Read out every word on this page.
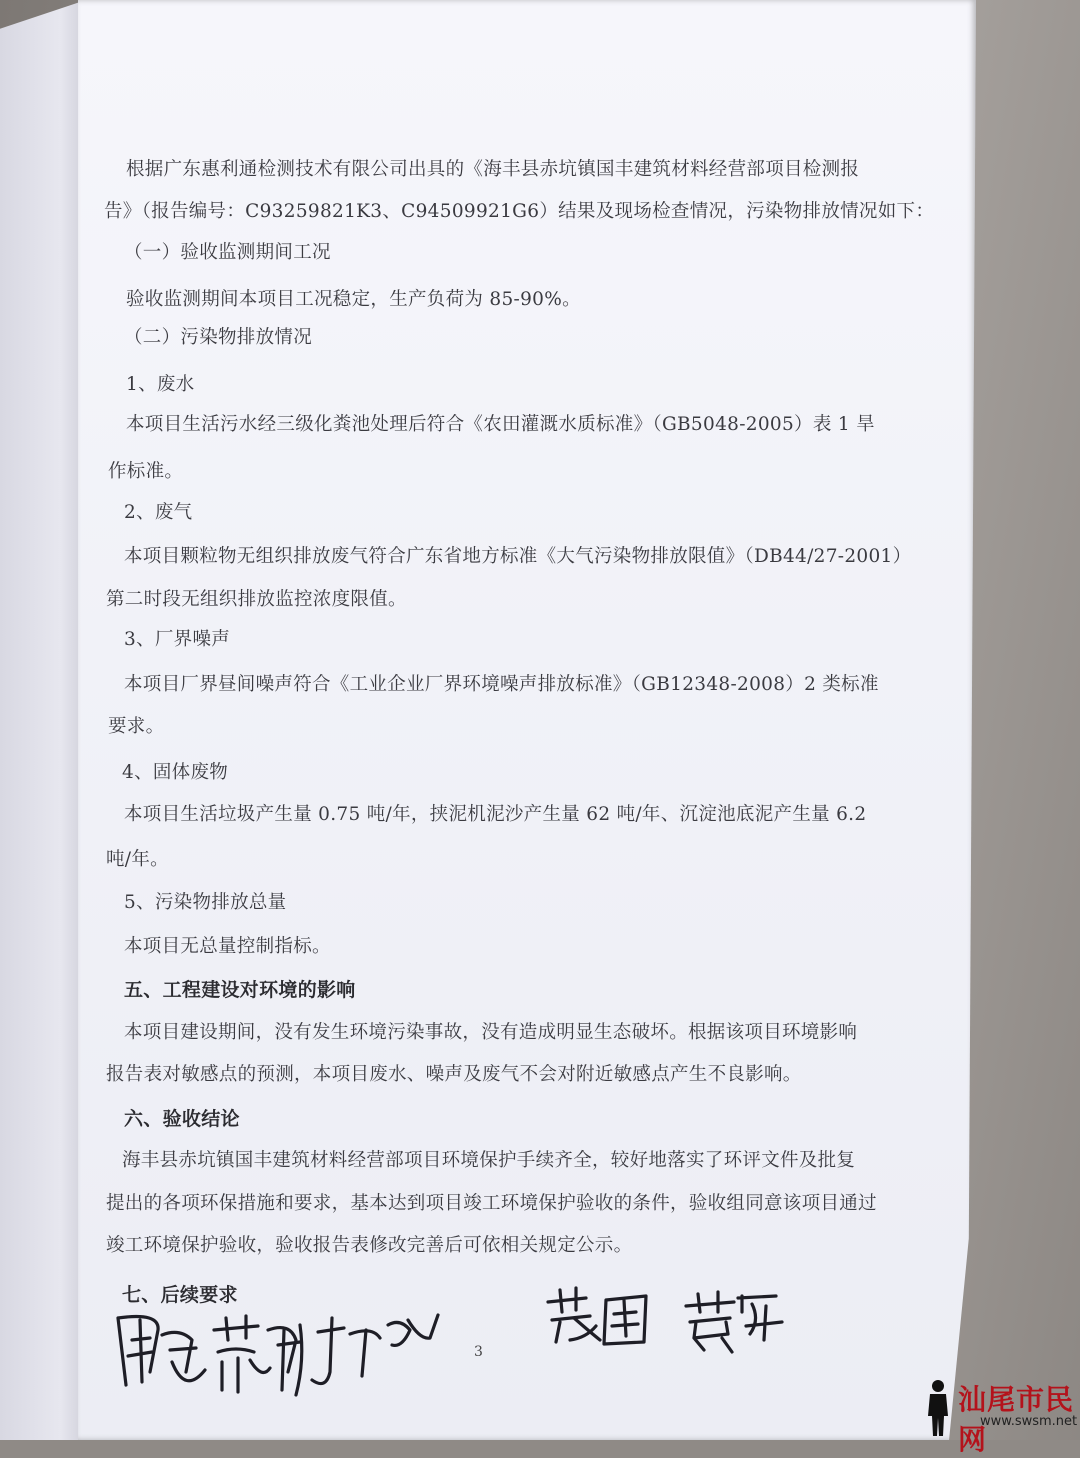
根据广东惠利通检测技术有限公司出具的《海丰县赤坑镇国丰建筑材料经营部项目检测报
告》（报告编号：C93259821K3、C94509921G6）结果及现场检查情况，污染物排放情况如下：
（一）验收监测期间工况
验收监测期间本项目工况稳定，生产负荷为 85-90%。
（二）污染物排放情况
1、废水
本项目生活污水经三级化粪池处理后符合《农田灌溉水质标准》（GB5048-2005）表 1 旱
作标准。
2、废气
本项目颗粒物无组织排放废气符合广东省地方标准《大气污染物排放限值》（DB44/27-2001）
第二时段无组织排放监控浓度限值。
3、厂界噪声
本项目厂界昼间噪声符合《工业企业厂界环境噪声排放标准》（GB12348-2008）2 类标准
要求。
4、固体废物
本项目生活垃圾产生量 0.75 吨/年，挟泥机泥沙产生量 62 吨/年、沉淀池底泥产生量 6.2
吨/年。
5、污染物排放总量
本项目无总量控制指标。
五、工程建设对环境的影响
本项目建设期间，没有发生环境污染事故，没有造成明显生态破坏。根据该项目环境影响
报告表对敏感点的预测，本项目废水、噪声及废气不会对附近敏感点产生不良影响。
六、验收结论
海丰县赤坑镇国丰建筑材料经营部项目环境保护手续齐全，较好地落实了环评文件及批复
提出的各项环保措施和要求，基本达到项目竣工环境保护验收的条件，验收组同意该项目通过
竣工环境保护验收，验收报告表修改完善后可依相关规定公示。
七、后续要求
3
汕尾市民网
www.swsm.net
